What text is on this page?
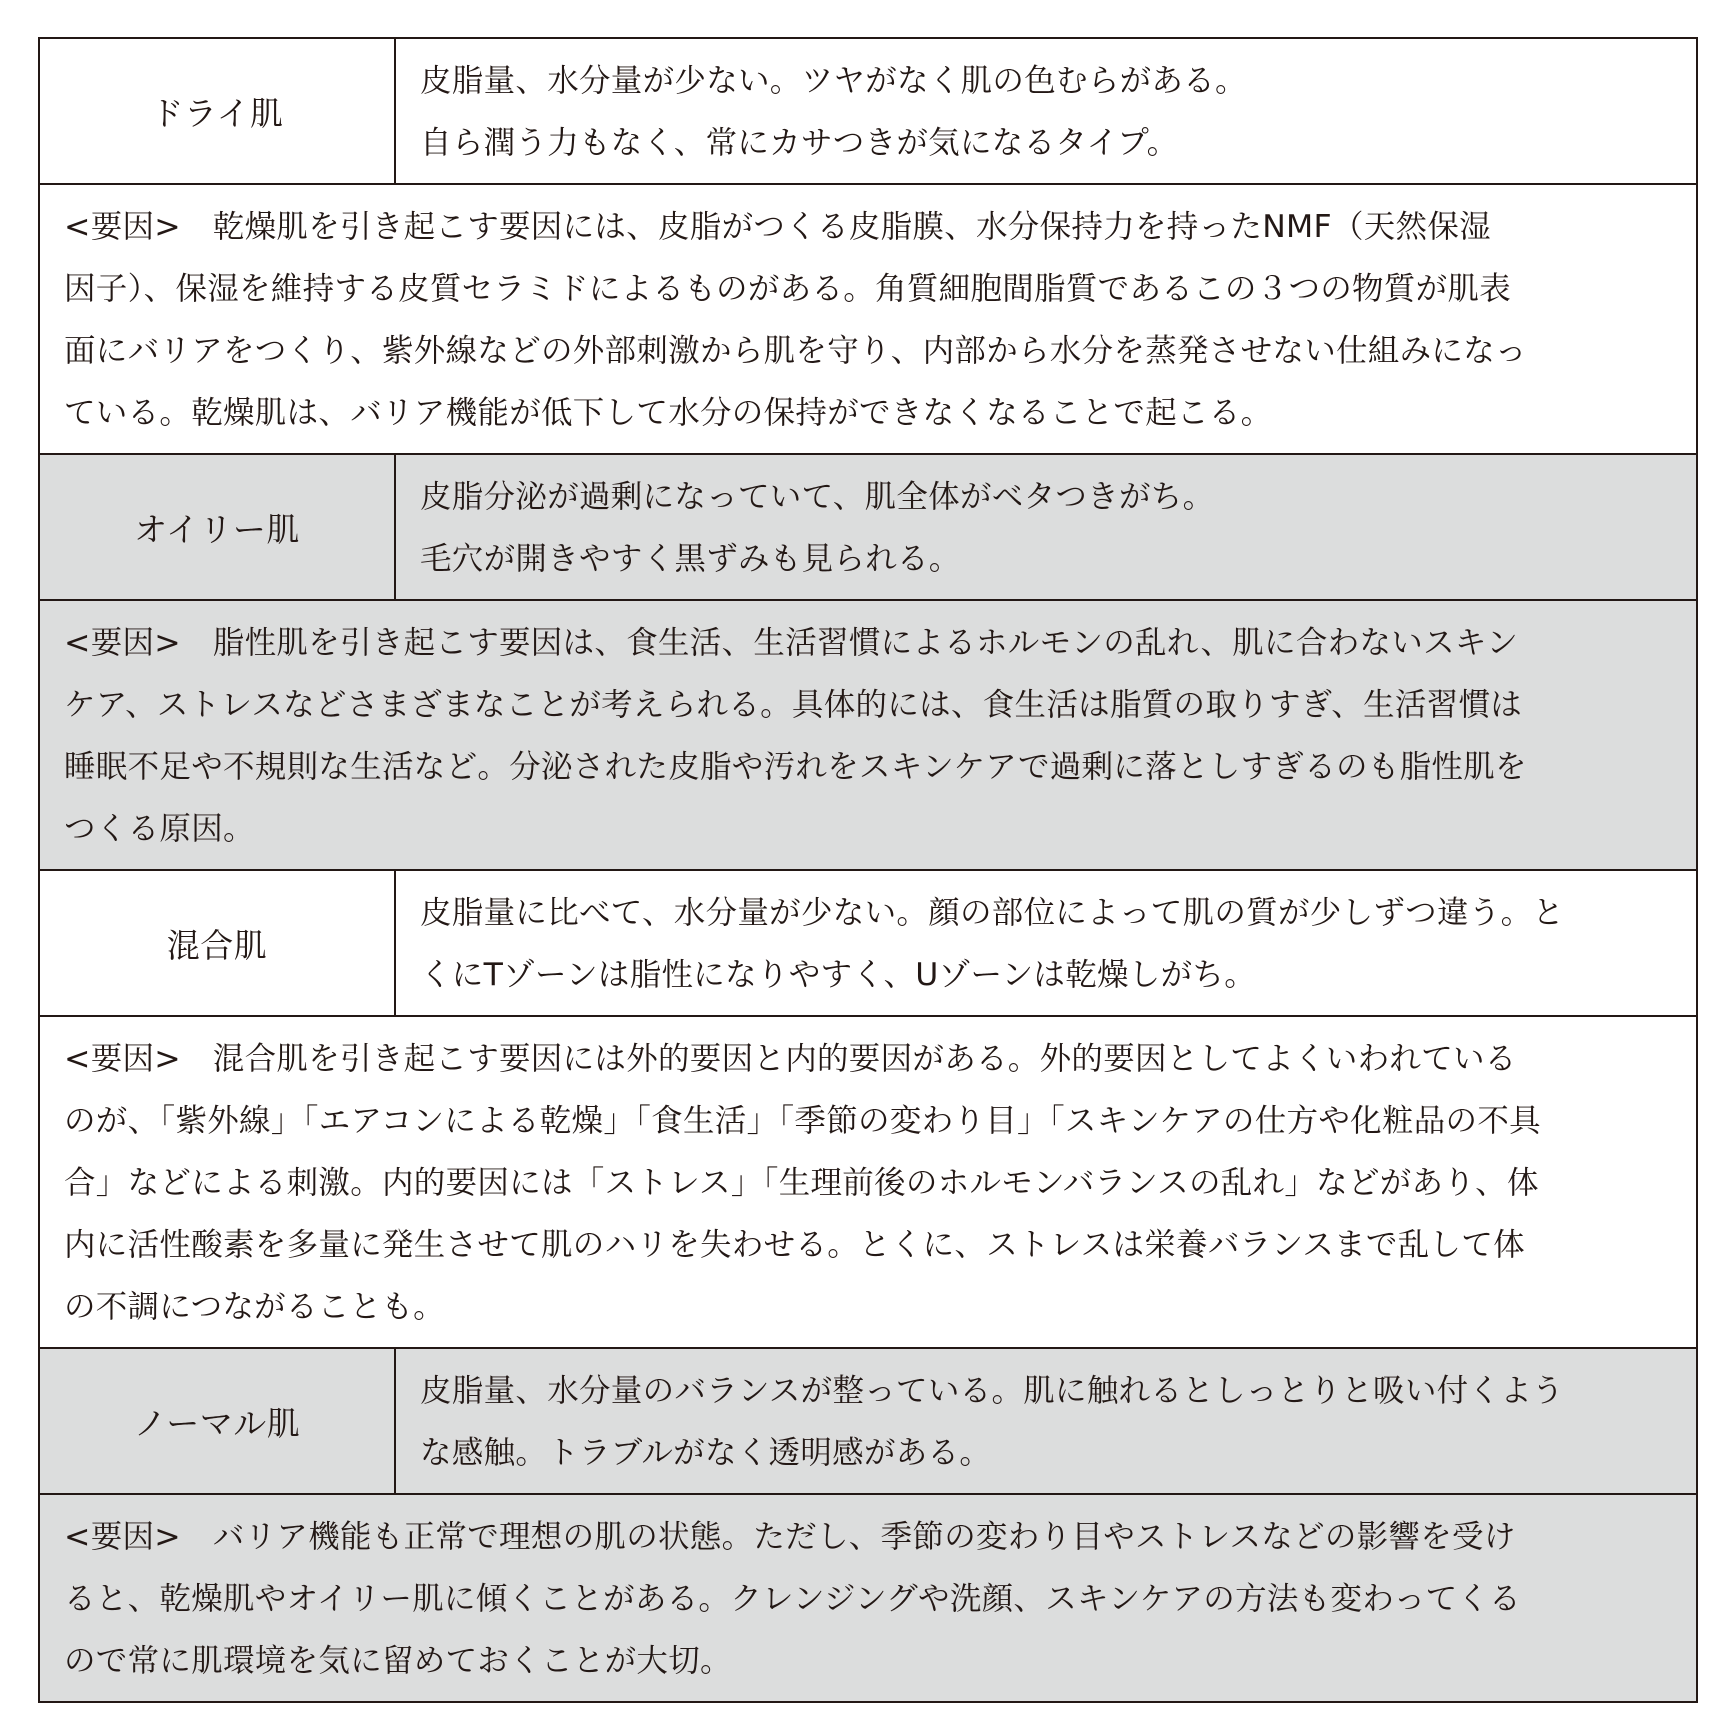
ドライ肌
皮脂量、水分量が少ない。ツヤがなく肌の色むらがある。
自ら潤う力もなく、常にカサつきが気になるタイプ。
<要因>　乾燥肌を引き起こす要因には、皮脂がつくる皮脂膜、水分保持力を持ったNMF（天然保湿
因子）、保湿を維持する皮質セラミドによるものがある。角質細胞間脂質であるこの３つの物質が肌表
面にバリアをつくり、紫外線などの外部刺激から肌を守り、内部から水分を蒸発させない仕組みになっ
ている。乾燥肌は、バリア機能が低下して水分の保持ができなくなることで起こる。
オイリー肌
皮脂分泌が過剰になっていて、肌全体がベタつきがち。
毛穴が開きやすく黒ずみも見られる。
<要因>　脂性肌を引き起こす要因は、食生活、生活習慣によるホルモンの乱れ、肌に合わないスキン
ケア、ストレスなどさまざまなことが考えられる。具体的には、食生活は脂質の取りすぎ、生活習慣は
睡眠不足や不規則な生活など。分泌された皮脂や汚れをスキンケアで過剰に落としすぎるのも脂性肌を
つくる原因。
混合肌
皮脂量に比べて、水分量が少ない。顔の部位によって肌の質が少しずつ違う。と
くにTゾーンは脂性になりやすく、Uゾーンは乾燥しがち。
<要因>　混合肌を引き起こす要因には外的要因と内的要因がある。外的要因としてよくいわれている
のが、「紫外線」「エアコンによる乾燥」「食生活」「季節の変わり目」「スキンケアの仕方や化粧品の不具
合」などによる刺激。内的要因には「ストレス」「生理前後のホルモンバランスの乱れ」などがあり、体
内に活性酸素を多量に発生させて肌のハリを失わせる。とくに、ストレスは栄養バランスまで乱して体
の不調につながることも。
ノーマル肌
皮脂量、水分量のバランスが整っている。肌に触れるとしっとりと吸い付くよう
な感触。トラブルがなく透明感がある。
<要因>　バリア機能も正常で理想の肌の状態。ただし、季節の変わり目やストレスなどの影響を受け
ると、乾燥肌やオイリー肌に傾くことがある。クレンジングや洗顔、スキンケアの方法も変わってくる
ので常に肌環境を気に留めておくことが大切。
